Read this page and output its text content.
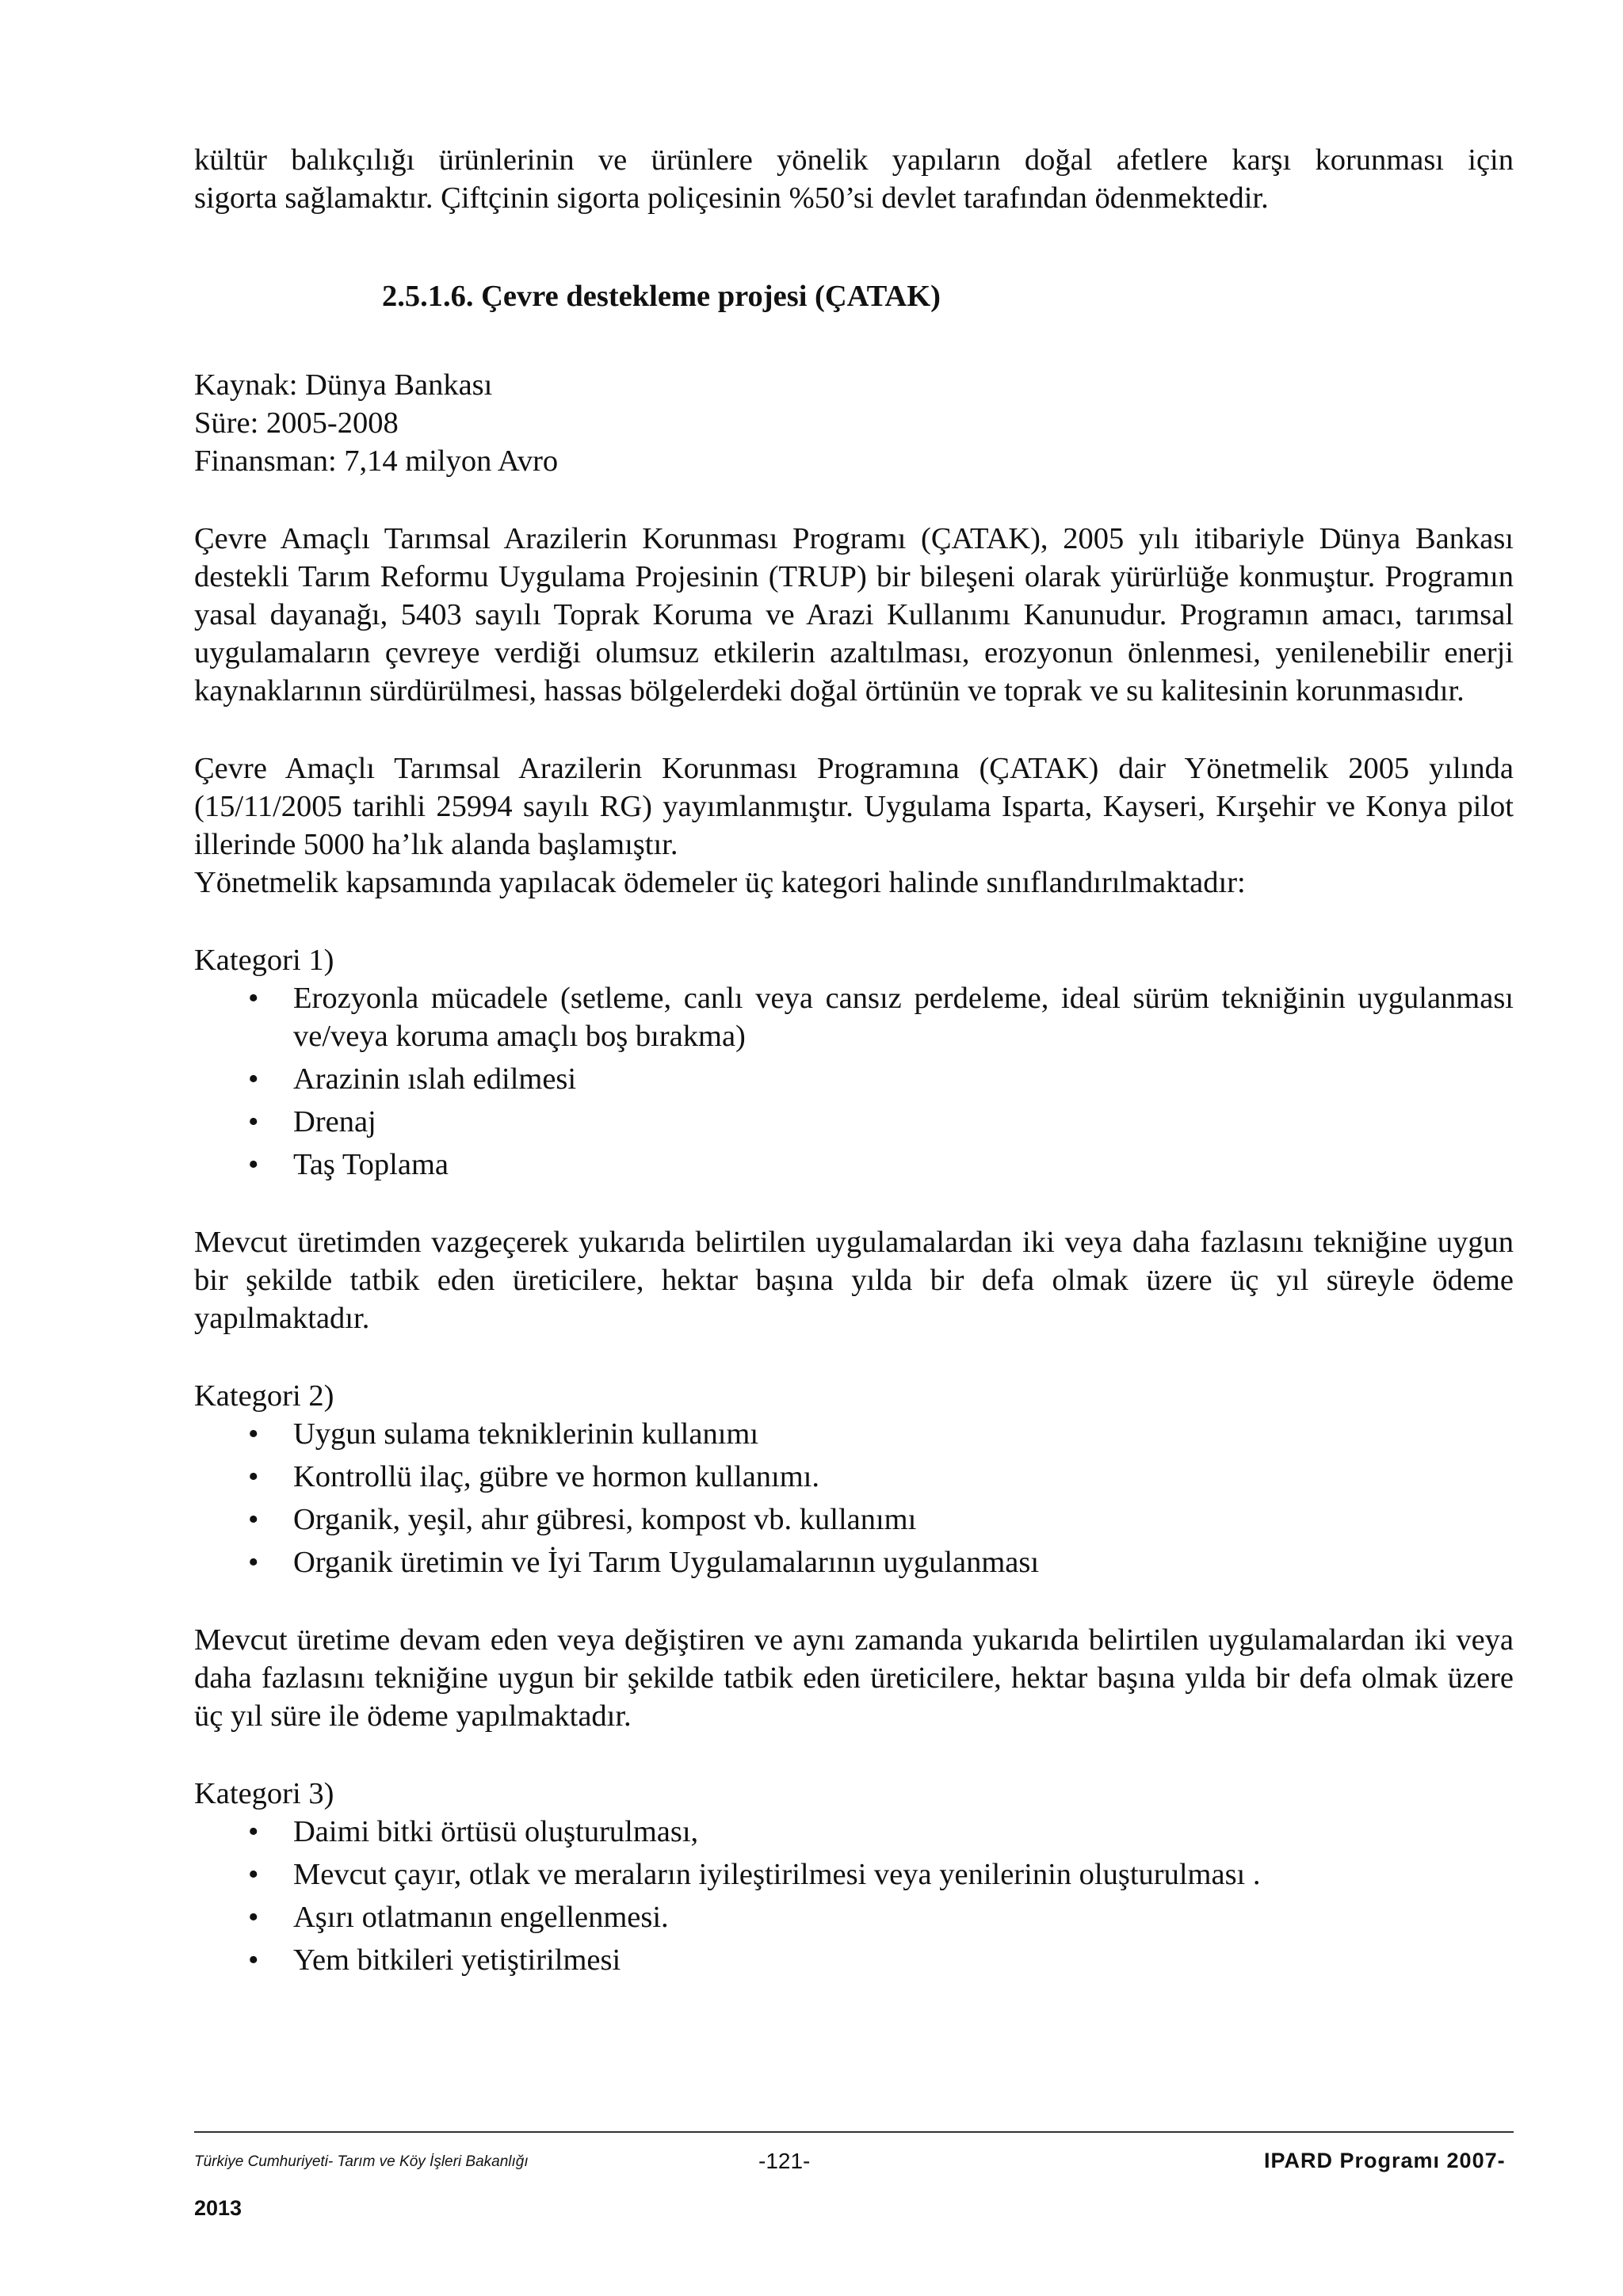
kültür balıkçılığı ürünlerinin ve ürünlere yönelik yapıların doğal afetlere karşı korunması için

sigorta sağlamaktır. Çiftçinin sigorta poliçesinin %50’si devlet tarafından ödenmektedir.

2.5.1.6. Çevre destekleme projesi (ÇATAK)

Kaynak: Dünya Bankası

Süre: 2005-2008

Finansman: 7,14 milyon Avro

Çevre Amaçlı Tarımsal Arazilerin Korunması Programı (ÇATAK), 2005 yılı itibariyle Dünya Bankası destekli Tarım Reformu Uygulama Projesinin (TRUP) bir bileşeni olarak yürürlüğe konmuştur. Programın yasal dayanağı, 5403 sayılı Toprak Koruma ve Arazi Kullanımı Kanunudur. Programın amacı, tarımsal uygulamaların çevreye verdiği olumsuz etkilerin azaltılması, erozyonun önlenmesi, yenilenebilir enerji kaynaklarının sürdürülmesi, hassas bölgelerdeki doğal örtünün ve toprak ve su kalitesinin korunmasıdır.

Çevre Amaçlı Tarımsal Arazilerin Korunması Programına (ÇATAK) dair Yönetmelik 2005 yılında (15/11/2005 tarihli 25994 sayılı RG) yayımlanmıştır. Uygulama Isparta, Kayseri, Kırşehir ve Konya pilot illerinde 5000 ha’lık alanda başlamıştır.

Yönetmelik kapsamında yapılacak ödemeler üç kategori halinde sınıflandırılmaktadır:

Kategori 1)

• Erozyonla mücadele (setleme, canlı veya cansız perdeleme, ideal sürüm tekniğinin uygulanması ve/veya koruma amaçlı boş bırakma)
• Arazinin ıslah edilmesi
• Drenaj
• Taş Toplama

Mevcut üretimden vazgeçerek yukarıda belirtilen uygulamalardan iki veya daha fazlasını tekniğine uygun bir şekilde tatbik eden üreticilere, hektar başına yılda bir defa olmak üzere üç yıl süreyle ödeme yapılmaktadır.

Kategori 2)

• Uygun sulama tekniklerinin kullanımı
• Kontrollü ilaç, gübre ve hormon kullanımı.
• Organik, yeşil, ahır gübresi, kompost vb. kullanımı
• Organik üretimin ve İyi Tarım Uygulamalarının uygulanması

Mevcut üretime devam eden veya değiştiren ve aynı zamanda yukarıda belirtilen uygulamalardan iki veya daha fazlasını tekniğine uygun bir şekilde tatbik eden üreticilere, hektar başına yılda bir defa olmak üzere üç yıl süre ile ödeme yapılmaktadır.

Kategori 3)

• Daimi bitki örtüsü oluşturulması,
• Mevcut çayır, otlak ve meraların iyileştirilmesi veya yenilerinin oluşturulması .
• Aşırı otlatmanın engellenmesi.
• Yem bitkileri yetiştirilmesi
Türkiye Cumhuriyeti- Tarım ve Köy İşleri Bakanlığı	-121-	IPARD Programı 2007-
2013
